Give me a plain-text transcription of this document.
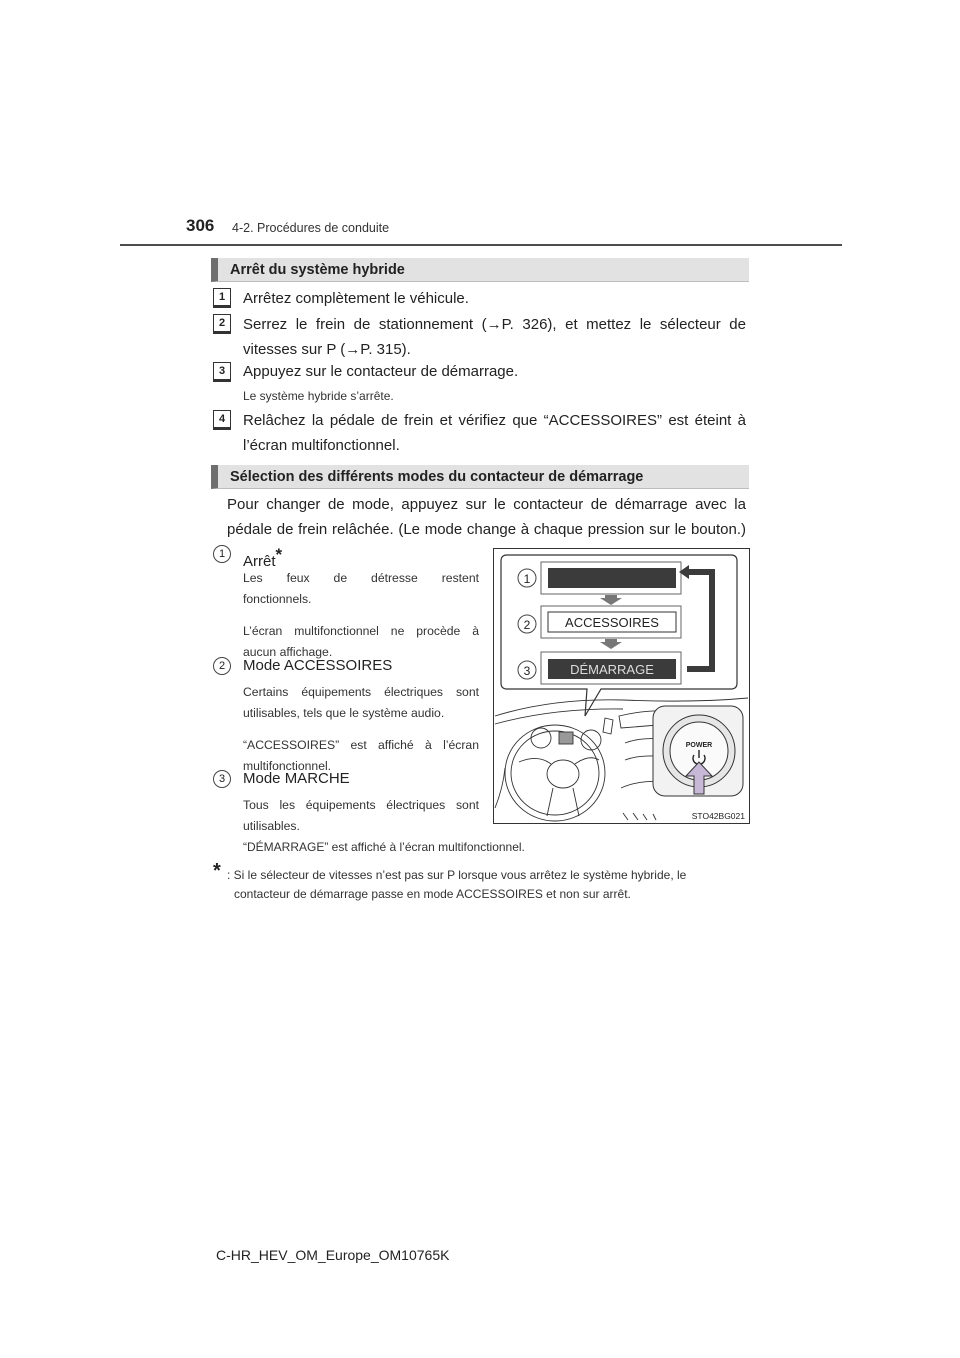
306 4-2. Procédures de conduite
Arrêt du système hybride
1	Arrêtez complètement le véhicule.
2	Serrez le frein de stationnement (→P. 326), et mettez le sélecteur de
vitesses sur P (→P. 315).
3	Appuyez sur le contacteur de démarrage.
Le système hybride s’arrête.
4	Relâchez la pédale de frein et vérifiez que “ACCESSOIRES” est éteint à
l’écran multifonctionnel.
Sélection des différents modes du contacteur de démarrage
Pour changer de mode, appuyez sur le contacteur de démarrage avec la
pédale de frein relâchée. (Le mode change à chaque pression sur le bouton.)
1	Arrêt*
Les feux de détresse restent
fonctionnels.
L’écran multifonctionnel ne procède à
aucun affichage.
2	Mode ACCESSOIRES
Certains équipements électriques sont
utilisables, tels que le système audio.
“ACCESSOIRES” est affiché à l’écran
multifonctionnel.
3	Mode MARCHE
Tous les équipements électriques sont
utilisables.
“DÉMARRAGE” est affiché à l’écran multifonctionnel.
ACCESSOIRES
DÉMARRAGE
1
2
3
POWER
STO42BG021
* : Si le sélecteur de vitesses n’est pas sur P lorsque vous arrêtez le système hybride, le
contacteur de démarrage passe en mode ACCESSOIRES et non sur arrêt.
C-HR_HEV_OM_Europe_OM10765K
